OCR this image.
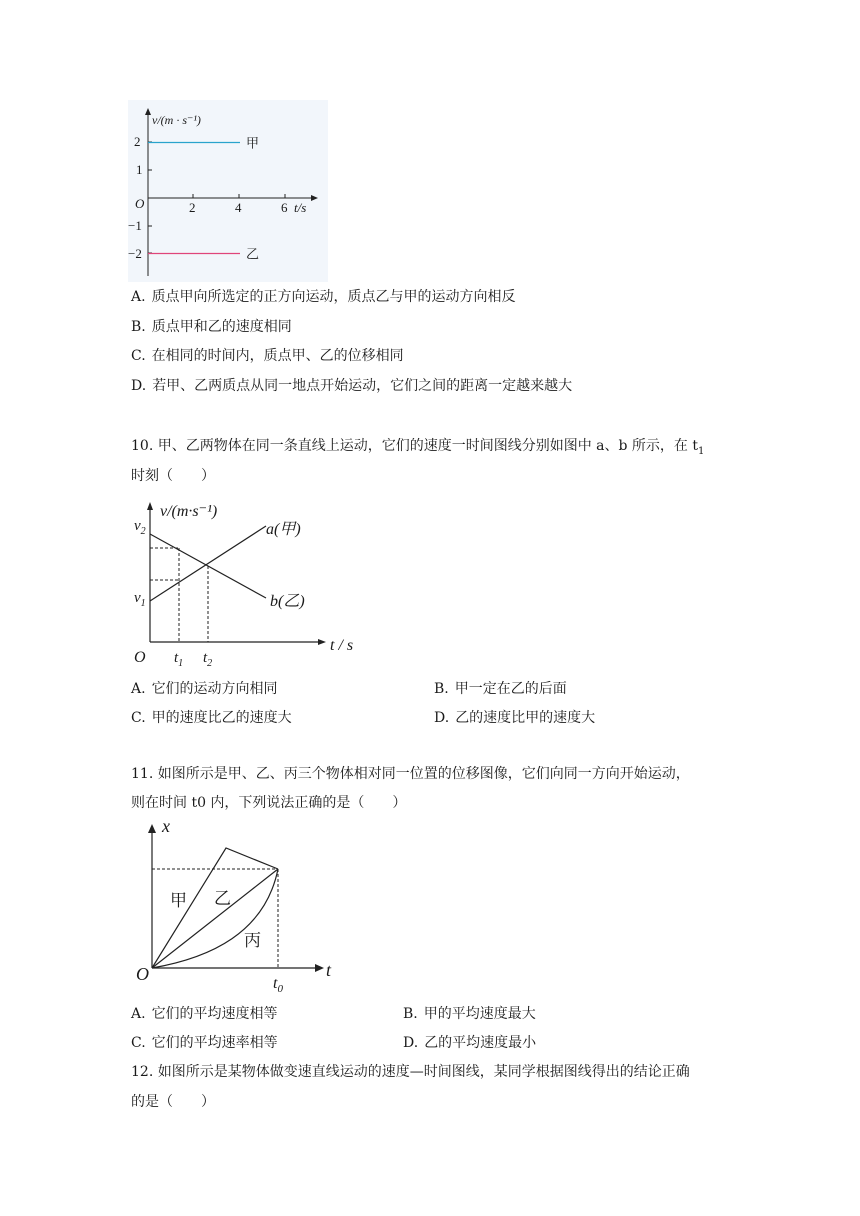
v/(m · s⁻¹)
2
1
−1
−2
O	2	4	6 t/s
甲
乙
A. 质点甲向所选定的正方向运动，质点乙与甲的运动方向相反
B. 质点甲和乙的速度相同
C. 在相同的时间内，质点甲、乙的位移相同
D. 若甲、乙两质点从同一地点开始运动，它们之间的距离一定越来越大
10. 甲、乙两物体在同一条直线上运动，它们的速度一时间图线分别如图中 a、b 所示，在 $t_1$
时刻（　　）
v/(m·s⁻¹)
$v_2$
$v_1$
O $t_1$ $t_2$
t / s
a(甲)
b(乙)
A. 它们的运动方向相同	B. 甲一定在乙的后面
C. 甲的速度比乙的速度大	D. 乙的速度比甲的速度大
11. 如图所示是甲、乙、丙三个物体相对同一位置的位移图像，它们向同一方向开始运动，
则在时间 t0 内，下列说法正确的是（　　）
x
t
O	$t_0$
甲 乙
丙
A. 它们的平均速度相等	B. 甲的平均速度最大
C. 它们的平均速率相等	D. 乙的平均速度最小
12. 如图所示是某物体做变速直线运动的速度—时间图线，某同学根据图线得出的结论正确
的是（　　）
